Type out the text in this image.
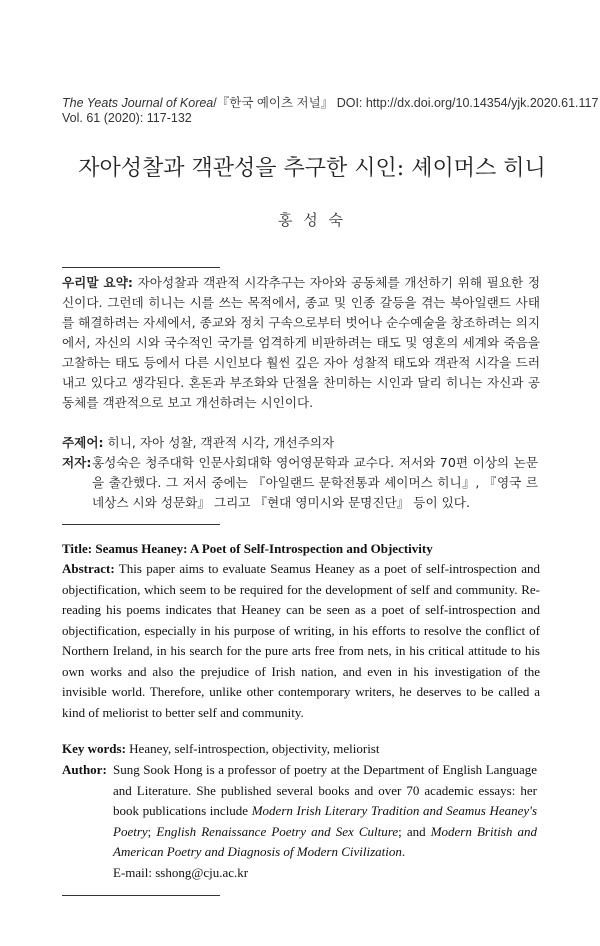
The Yeats Journal of Korea/『한국 예이츠 저널』 DOI: http://dx.doi.org/10.14354/yjk.2020.61.117
Vol. 61 (2020): 117-132
자아성찰과 객관성을 추구한 시인: 셰이머스 히니
홍 성 숙
우리말 요약: 자아성찰과 객관적 시각추구는 자아와 공동체를 개선하기 위해 필요한 정신이다. 그런데 히니는 시를 쓰는 목적에서, 종교 및 인종 갈등을 겪는 북아일랜드 사태를 해결하려는 자세에서, 종교와 정치 구속으로부터 벗어나 순수예술을 창조하려는 의지에서, 자신의 시와 국수적인 국가를 엄격하게 비판하려는 태도 및 영혼의 세계와 죽음을 고찰하는 태도 등에서 다른 시인보다 훨씬 깊은 자아 성찰적 태도와 객관적 시각을 드러내고 있다고 생각된다. 혼돈과 부조화와 단절을 찬미하는 시인과 달리 히니는 자신과 공동체를 객관적으로 보고 개선하려는 시인이다.
주제어: 히니, 자아 성찰, 객관적 시각, 개선주의자
저자:홍성숙은 청주대학 인문사회대학 영어영문학과 교수다. 저서와 70편 이상의 논문을 출간했다. 그 저서 중에는 『아일랜드 문학전통과 셰이머스 히니』, 『영국 르네상스 시와 성문화』 그리고 『현대 영미시와 문명진단』 등이 있다.
Title: Seamus Heaney: A Poet of Self-Introspection and Objectivity
Abstract: This paper aims to evaluate Seamus Heaney as a poet of self-introspection and objectification, which seem to be required for the development of self and community. Re-reading his poems indicates that Heaney can be seen as a poet of self-introspection and objectification, especially in his purpose of writing, in his efforts to resolve the conflict of Northern Ireland, in his search for the pure arts free from nets, in his critical attitude to his own works and also the prejudice of Irish nation, and even in his investigation of the invisible world. Therefore, unlike other contemporary writers, he deserves to be called a kind of meliorist to better self and community.
Key words: Heaney, self-introspection, objectivity, meliorist
Author: Sung Sook Hong is a professor of poetry at the Department of English Language and Literature. She published several books and over 70 academic essays: her book publications include Modern Irish Literary Tradition and Seamus Heaney's Poetry; English Renaissance Poetry and Sex Culture; and Modern British and American Poetry and Diagnosis of Modern Civilization.
E-mail: sshong@cju.ac.kr
